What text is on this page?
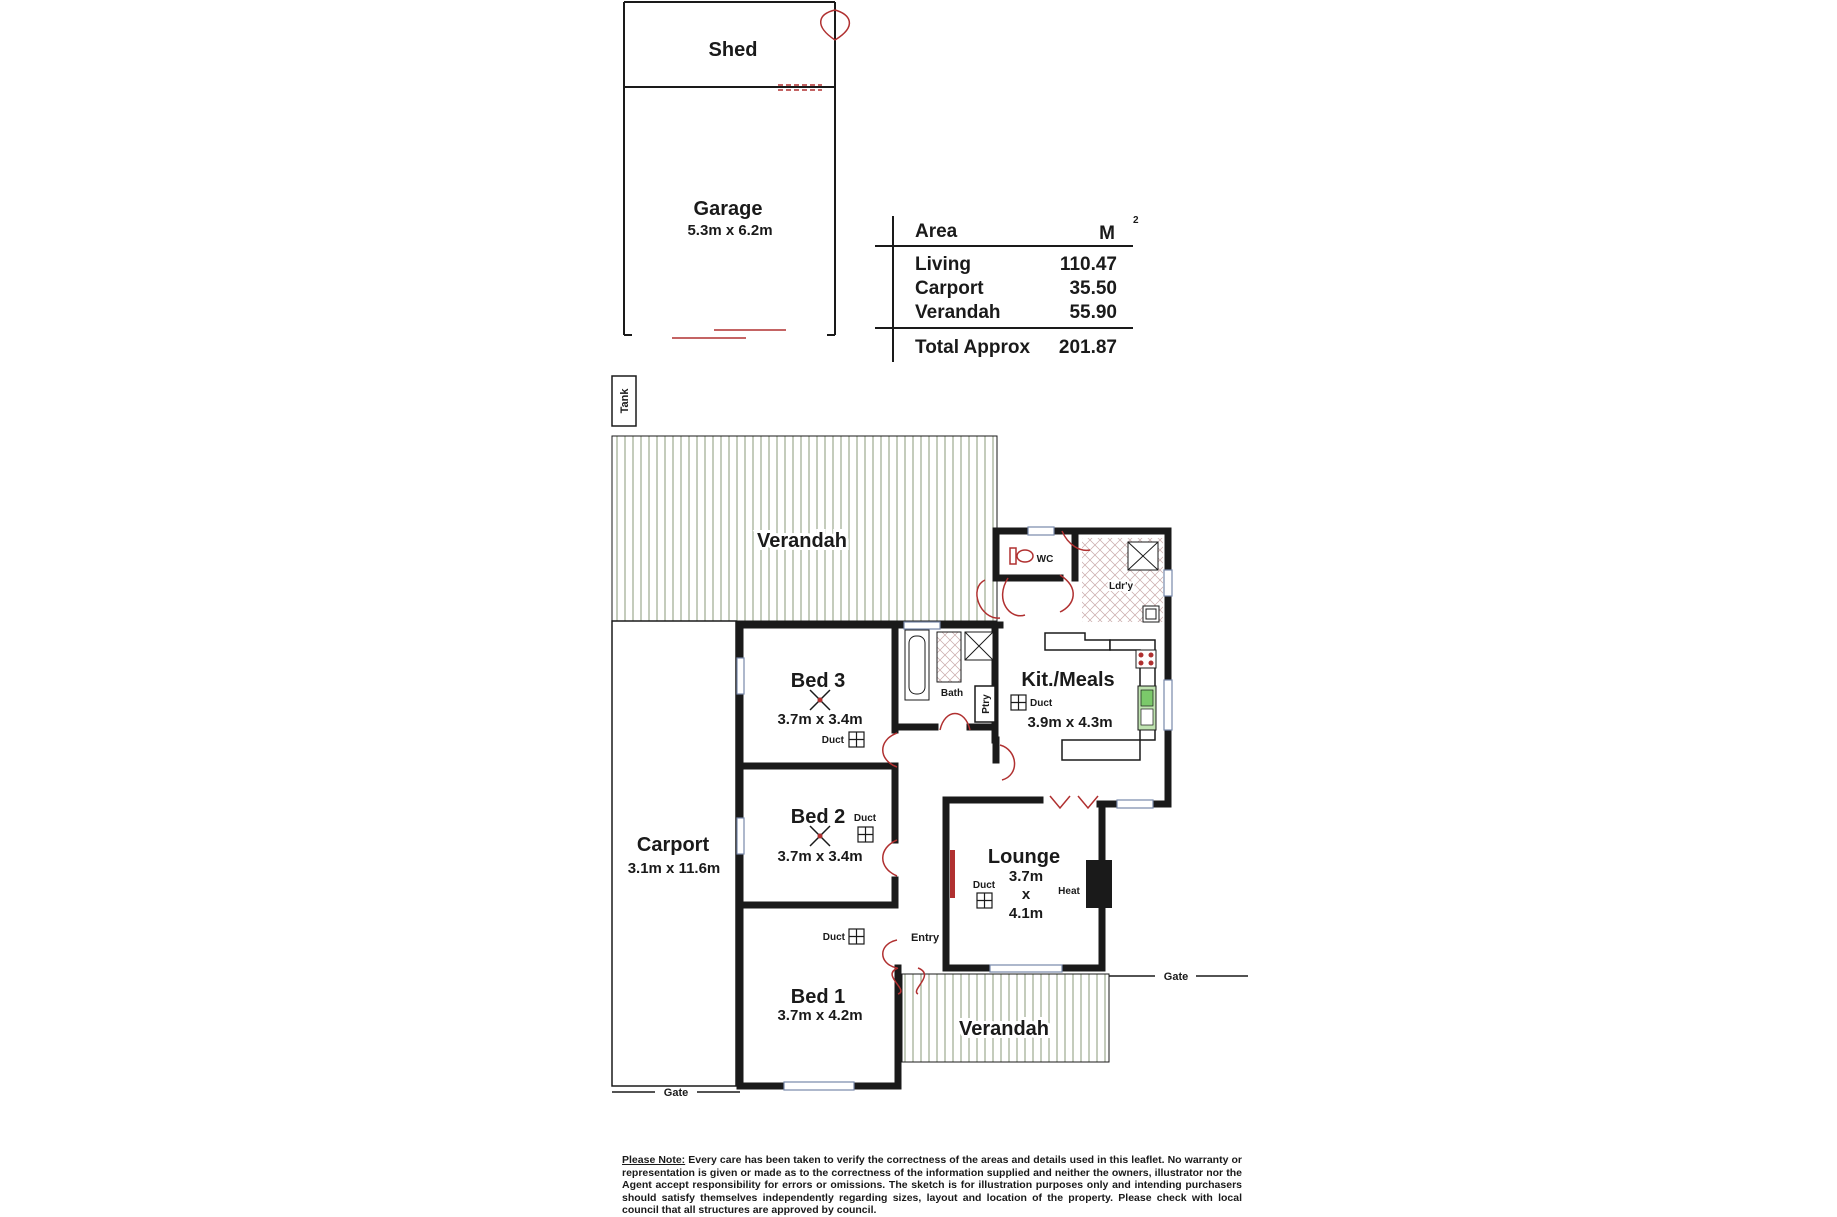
Shed
Garage
5.3m x 6.2m
Tank
Verandah
WC
Ldr'y
Bed 3
3.7m x 3.4m
Duct
Bath
Ptry
Kit./Meals
Duct
3.9m x 4.3m
Bed 2 Duct
3.7m x 3.4m
Carport
3.1m x 11.6m
Lounge
3.7m
x
4.1m
Duct
Heat
Duct	Entry
Bed 1
3.7m x 4.2m
Verandah
Gate
Gate
Area	M
2
Living	110.47
Carport	35.50
Verandah	55.90
Total Approx 201.87
Please Note: Every care has been taken to verify the correctness of the areas and details used in this leaflet. No warranty or representation is given or made as to the correctness of the information supplied and neither the owners, illustrator nor the Agent accept responsibility for errors or omissions. The sketch is for illustration purposes only and intending purchasers should satisfy themselves independently regarding sizes, layout and location of the property. Please check with local council that all structures are approved by council.
